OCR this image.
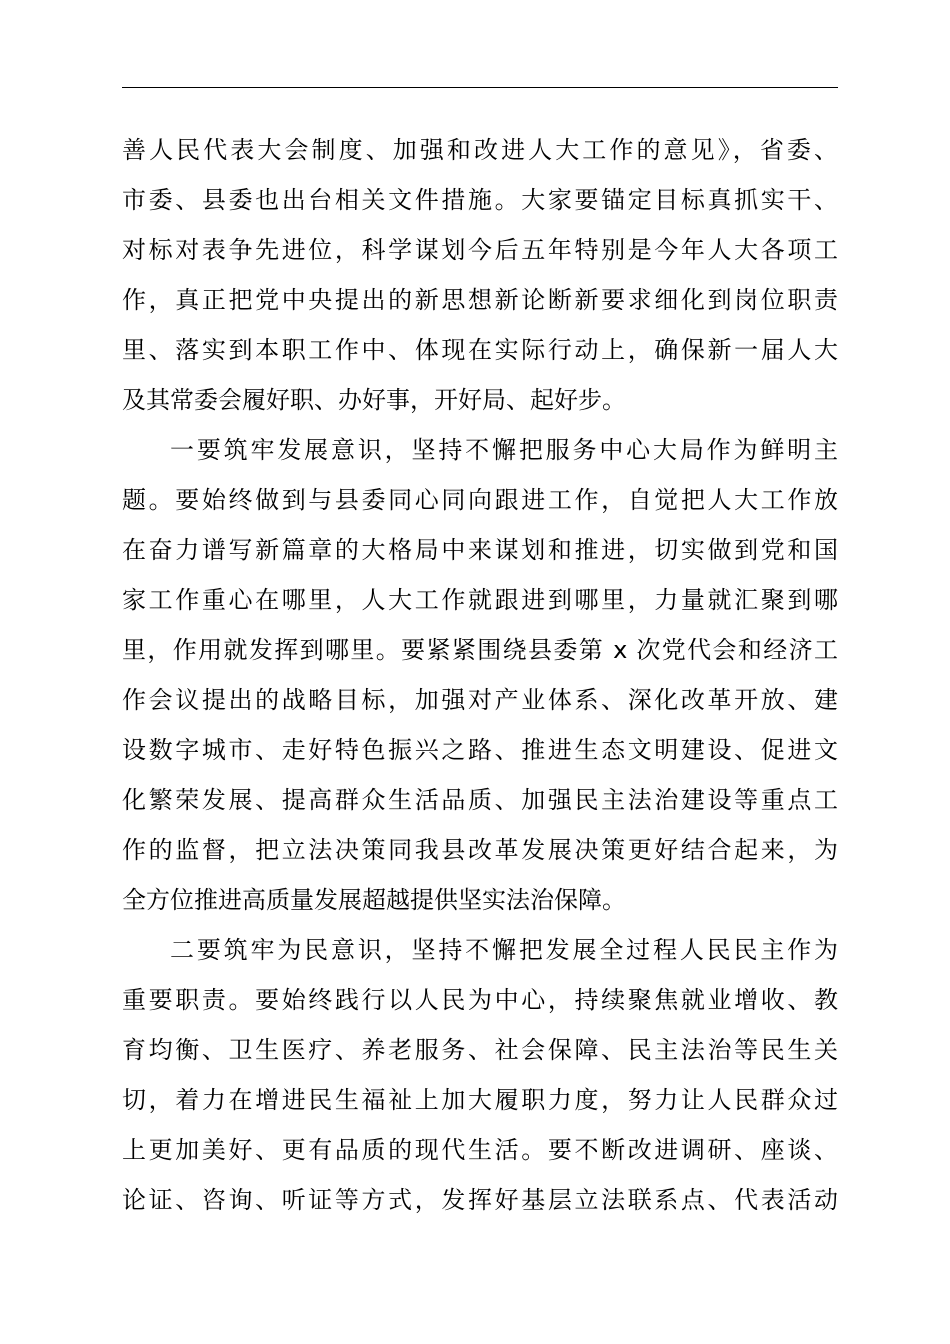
善人民代表大会制度、加强和改进人大工作的意见》，省委、
市委、县委也出台相关文件措施。大家要锚定目标真抓实干、
对标对表争先进位，科学谋划今后五年特别是今年人大各项工
作，真正把党中央提出的新思想新论断新要求细化到岗位职责
里、落实到本职工作中、体现在实际行动上，确保新一届人大
及其常委会履好职、办好事，开好局、起好步。
一要筑牢发展意识，坚持不懈把服务中心大局作为鲜明主
题。要始终做到与县委同心同向跟进工作，自觉把人大工作放
在奋力谱写新篇章的大格局中来谋划和推进，切实做到党和国
家工作重心在哪里，人大工作就跟进到哪里，力量就汇聚到哪
里，作用就发挥到哪里。要紧紧围绕县委第 x 次党代会和经济工
作会议提出的战略目标，加强对产业体系、深化改革开放、建
设数字城市、走好特色振兴之路、推进生态文明建设、促进文
化繁荣发展、提高群众生活品质、加强民主法治建设等重点工
作的监督，把立法决策同我县改革发展决策更好结合起来，为
全方位推进高质量发展超越提供坚实法治保障。
二要筑牢为民意识，坚持不懈把发展全过程人民民主作为
重要职责。要始终践行以人民为中心，持续聚焦就业增收、教
育均衡、卫生医疗、养老服务、社会保障、民主法治等民生关
切，着力在增进民生福祉上加大履职力度，努力让人民群众过
上更加美好、更有品质的现代生活。要不断改进调研、座谈、
论证、咨询、听证等方式，发挥好基层立法联系点、代表活动
